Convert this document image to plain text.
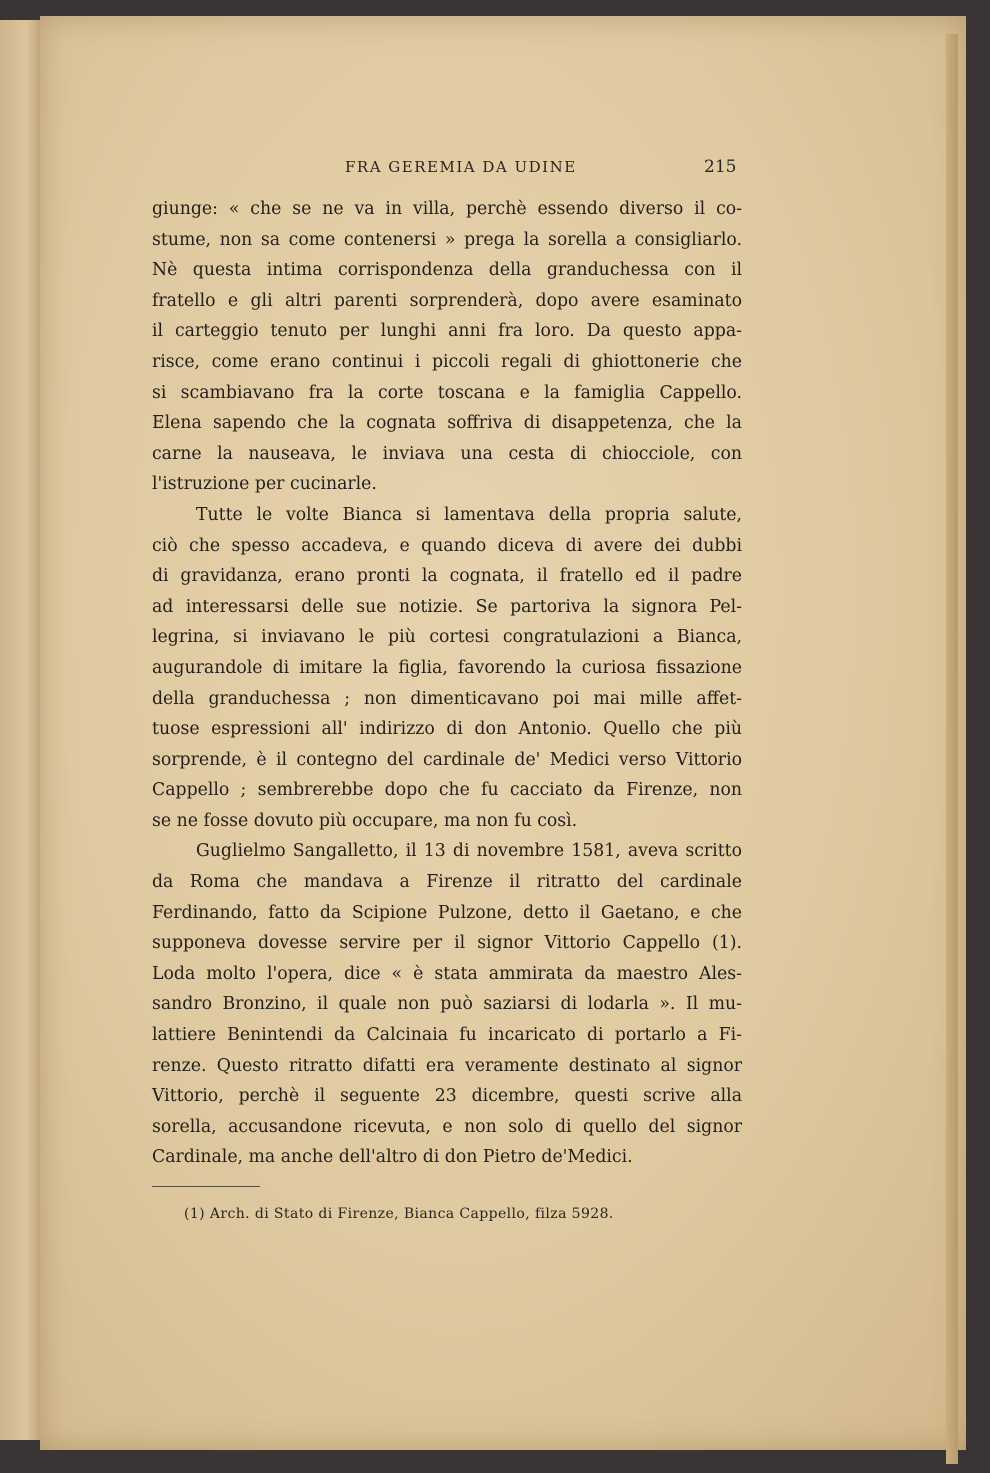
FRA GEREMIA DA UDINE	215
giunge: « che se ne va in villa, perchè essendo diverso il co-
stume, non sa come contenersi » prega la sorella a consigliarlo.
Nè questa intima corrispondenza della granduchessa con il
fratello e gli altri parenti sorprenderà, dopo avere esaminato
il carteggio tenuto per lunghi anni fra loro. Da questo appa-
risce, come erano continui i piccoli regali di ghiottonerie che
si scambiavano fra la corte toscana e la famiglia Cappello.
Elena sapendo che la cognata soffriva di disappetenza, che la
carne la nauseava, le inviava una cesta di chiocciole, con
l'istruzione per cucinarle.
Tutte le volte Bianca si lamentava della propria salute,
ciò che spesso accadeva, e quando diceva di avere dei dubbi
di gravidanza, erano pronti la cognata, il fratello ed il padre
ad interessarsi delle sue notizie. Se partoriva la signora Pel-
legrina, si inviavano le più cortesi congratulazioni a Bianca,
augurandole di imitare la figlia, favorendo la curiosa fissazione
della granduchessa ; non dimenticavano poi mai mille affet-
tuose espressioni all' indirizzo di don Antonio. Quello che più
sorprende, è il contegno del cardinale de' Medici verso Vittorio
Cappello ; sembrerebbe dopo che fu cacciato da Firenze, non
se ne fosse dovuto più occupare, ma non fu così.
Guglielmo Sangalletto, il 13 di novembre 1581, aveva scritto
da Roma che mandava a Firenze il ritratto del cardinale
Ferdinando, fatto da Scipione Pulzone, detto il Gaetano, e che
supponeva dovesse servire per il signor Vittorio Cappello (1).
Loda molto l'opera, dice « è stata ammirata da maestro Ales-
sandro Bronzino, il quale non può saziarsi di lodarla ». Il mu-
lattiere Benintendi da Calcinaia fu incaricato di portarlo a Fi-
renze. Questo ritratto difatti era veramente destinato al signor
Vittorio, perchè il seguente 23 dicembre, questi scrive alla
sorella, accusandone ricevuta, e non solo di quello del signor
Cardinale, ma anche dell'altro di don Pietro de'Medici.
(1) Arch. di Stato di Firenze, Bianca Cappello, filza 5928.
